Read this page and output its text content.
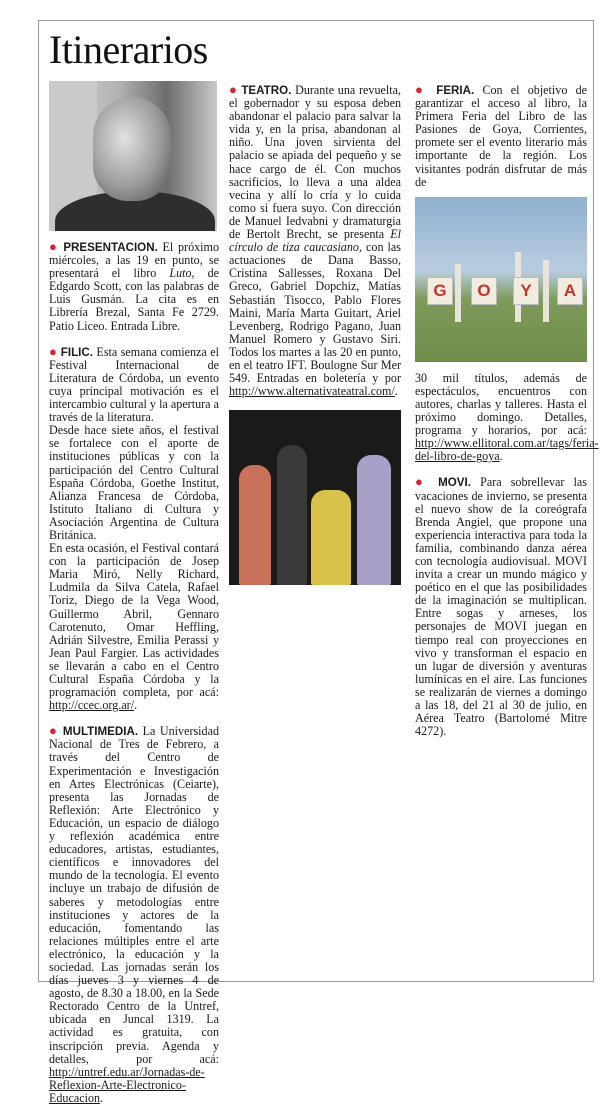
Itinerarios

● PRESENTACION. El próximo miércoles, a las 19 en punto, se presentará el libro Luto, de Edgardo Scott, con las palabras de Luis Gusmán. La cita es en Librería Brezal, Santa Fe 2729. Patio Liceo. Entrada Libre.

● FILIC. Esta semana comienza el Festival Internacional de Literatura de Córdoba, un evento cuya principal motivación es el intercambio cultural y la apertura a través de la literatura.

Desde hace siete años, el festival se fortalece con el aporte de instituciones públicas y con la participación del Centro Cultural España Córdoba, Goethe Institut, Alianza Francesa de Córdoba, Istituto Italiano di Cultura y Asociación Argentina de Cultura Británica.

En esta ocasión, el Festival contará con la participación de Josep Maria Miró, Nelly Richard, Ludmila da Silva Catela, Rafael Toriz, Diego de la Vega Wood, Guillermo Abril, Gennaro Carotenuto, Omar Heffling, Adrián Silvestre, Emilia Perassi y Jean Paul Fargier. Las actividades se llevarán a cabo en el Centro Cultural España Córdoba y la programación completa, por acá: http://ccec.org.ar/.

● MULTIMEDIA. La Universidad Nacional de Tres de Febrero, a través del Centro de Experimentación e Investigación en Artes Electrónicas (Ceiarte), presenta las Jornadas de Reflexión: Arte Electrónico y Educación, un espacio de diálogo y reflexión académica entre educadores, artistas, estudiantes, científicos e innovadores del mundo de la tecnología. El evento incluye un trabajo de difusión de saberes y metodologías entre instituciones y actores de la educación, fomentando las relaciones múltiples entre el arte electrónico, la educación y la sociedad. Las jornadas serán los días jueves 3 y viernes 4 de agosto, de 8.30 a 18.00, en la Sede Rectorado Centro de la Untref, ubicada en Juncal 1319. La actividad es gratuita, con inscripción previa. Agenda y detalles, por acá: http://untref.edu.ar/Jornadas-de-Reflexion-Arte-Electronico-Educacion.

● TEATRO. Durante una revuelta, el gobernador y su esposa deben abandonar el palacio para salvar la vida y, en la prisa, abandonan al niño. Una joven sirvienta del palacio se apiada del pequeño y se hace cargo de él. Con muchos sacrificios, lo lleva a una aldea vecina y allí lo cría y lo cuida como si fuera suyo. Con dirección de Manuel Iedvabni y dramaturgia de Bertolt Brecht, se presenta El círculo de tiza caucasiano, con las actuaciones de Dana Basso, Cristina Sallesses, Roxana Del Greco, Gabriel Dopchiz, Matías Sebastián Tisocco, Pablo Flores Maini, María Marta Guitart, Ariel Levenberg, Rodrigo Pagano, Juan Manuel Romero y Gustavo Siri. Todos los martes a las 20 en punto, en el teatro IFT. Boulogne Sur Mer 549. Entradas en boletería y por http://www.alternativateatral.com/.

● FERIA. Con el objetivo de garantizar el acceso al libro, la Primera Feria del Libro de las Pasiones de Goya, Corrientes, promete ser el evento literario más importante de la región. Los visitantes podrán disfrutar de más de

G	O	Y	A

30 mil títulos, además de espectáculos, encuentros con autores, charlas y talleres. Hasta el próximo domingo. Detalles, programa y horarios, por acá: http://www.ellitoral.com.ar/tags/feria-del-libro-de-goya.

● MOVI. Para sobrellevar las vacaciones de invierno, se presenta el nuevo show de la coreógrafa Brenda Angiel, que propone una experiencia interactiva para toda la familia, combinando danza aérea con tecnología audiovisual. MOVI invita a crear un mundo mágico y poético en el que las posibilidades de la imaginación se multiplican. Entre sogas y arneses, los personajes de MOVI juegan en tiempo real con proyecciones en vivo y transforman el espacio en un lugar de diversión y aventuras lumínicas en el aire. Las funciones se realizarán de viernes a domingo a las 18, del 21 al 30 de julio, en Aérea Teatro (Bartolomé Mitre 4272).
